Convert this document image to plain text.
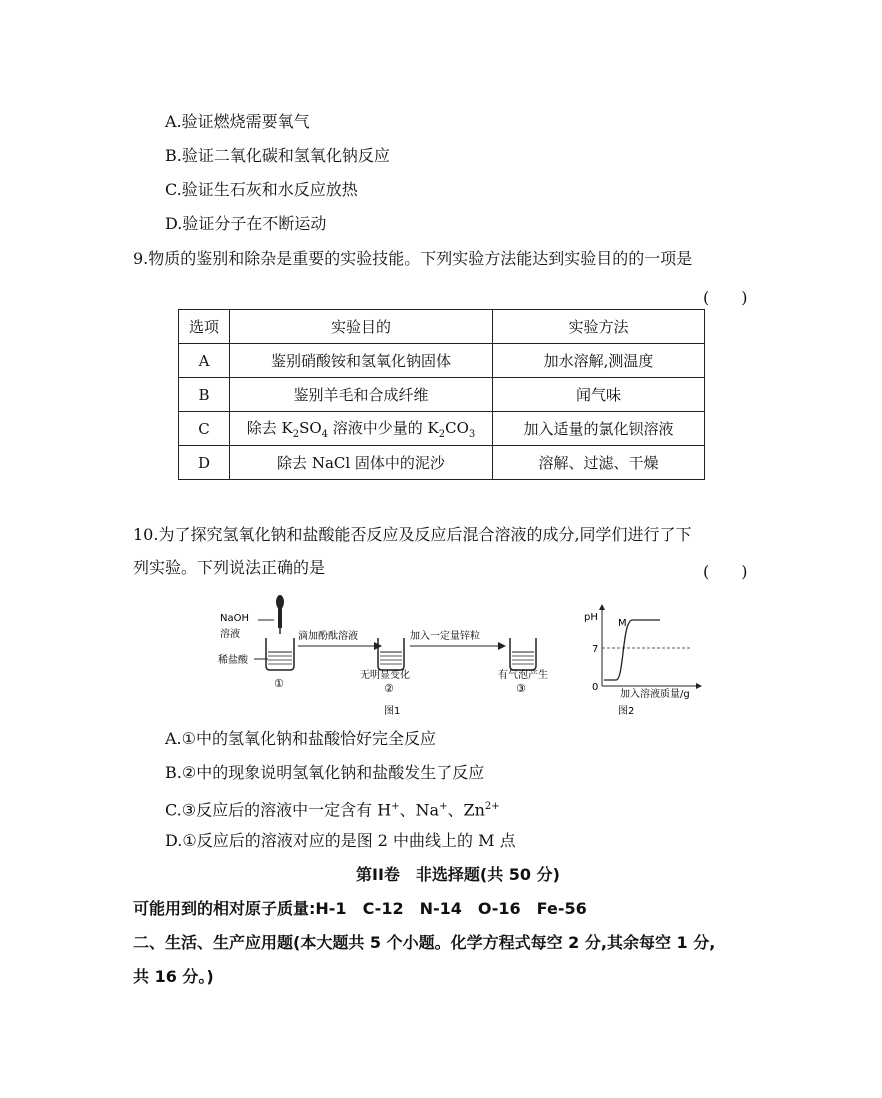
A.验证燃烧需要氧气
B.验证二氧化碳和氢氧化钠反应
C.验证生石灰和水反应放热
D.验证分子在不断运动
9.物质的鉴别和除杂是重要的实验技能。下列实验方法能达到实验目的的一项是
(　　)
选项	实验目的	实验方法
A	鉴别硝酸铵和氢氧化钠固体	加水溶解,测温度
B	鉴别羊毛和合成纤维	闻气味
C	除去 $K_2SO_4$ 溶液中少量的 $K_2CO_3$	加入适量的氯化钡溶液
D	除去 NaCl 固体中的泥沙	溶解、过滤、干燥
10.为了探究氢氧化钠和盐酸能否反应及反应后混合溶液的成分,同学们进行了下
列实验。下列说法正确的是	(　　)
NaOH
溶液
稀盐酸
①
滴加酚酞溶液
无明显变化
②
图1
加入一定量锌粒
有气泡产生
③
pH
7
0
M
加入溶液质量/g
图2
A.①中的氢氧化钠和盐酸恰好完全反应
B.②中的现象说明氢氧化钠和盐酸发生了反应
C.③反应后的溶液中一定含有 H+、Na+、$Zn^{2+}$
D.①反应后的溶液对应的是图 2 中曲线上的 M 点
第II卷　非选择题(共 50 分)
可能用到的相对原子质量:H-1　C-12　N-14　O-16　Fe-56
二、生活、生产应用题(本大题共 5 个小题。化学方程式每空 2 分,其余每空 1 分,
共 16 分。)
